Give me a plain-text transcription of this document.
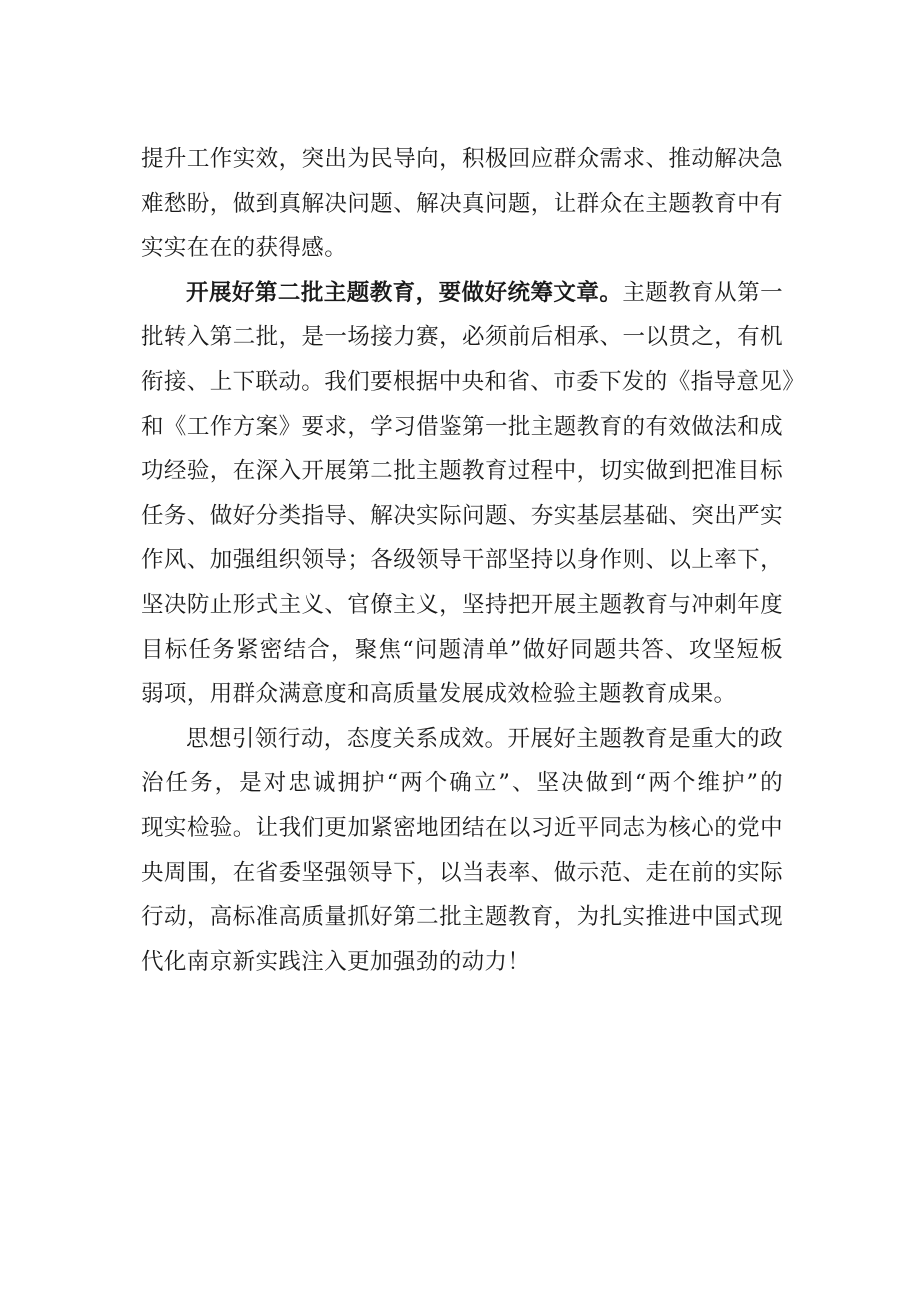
提升工作实效，突出为民导向，积极回应群众需求、推动解决急
难愁盼，做到真解决问题、解决真问题，让群众在主题教育中有
实实在在的获得感。
开展好第二批主题教育，要做好统筹文章。主题教育从第一
批转入第二批，是一场接力赛，必须前后相承、一以贯之，有机
衔接、上下联动。我们要根据中央和省、市委下发的《指导意见》
和《工作方案》要求，学习借鉴第一批主题教育的有效做法和成
功经验，在深入开展第二批主题教育过程中，切实做到把准目标
任务、做好分类指导、解决实际问题、夯实基层基础、突出严实
作风、加强组织领导；各级领导干部坚持以身作则、以上率下，
坚决防止形式主义、官僚主义，坚持把开展主题教育与冲刺年度
目标任务紧密结合，聚焦“问题清单”做好同题共答、攻坚短板
弱项，用群众满意度和高质量发展成效检验主题教育成果。
思想引领行动，态度关系成效。开展好主题教育是重大的政
治任务，是对忠诚拥护“两个确立”、坚决做到“两个维护”的
现实检验。让我们更加紧密地团结在以习近平同志为核心的党中
央周围，在省委坚强领导下，以当表率、做示范、走在前的实际
行动，高标准高质量抓好第二批主题教育，为扎实推进中国式现
代化南京新实践注入更加强劲的动力！
